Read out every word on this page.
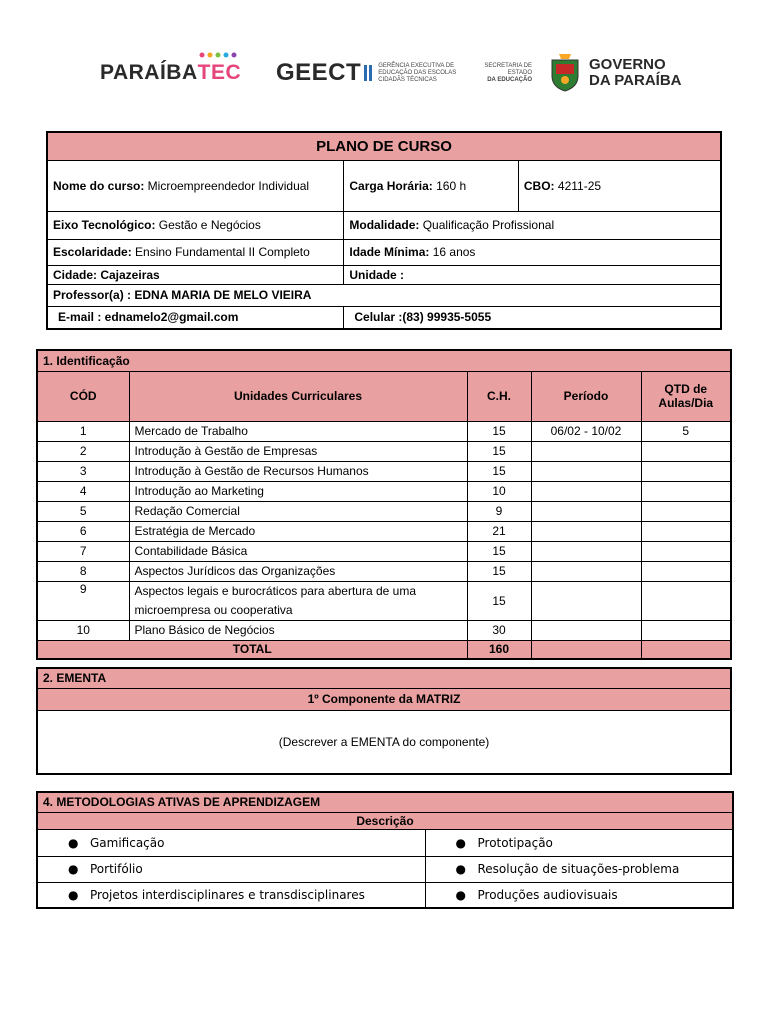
PARAÍBA TEC GEECT	GERÊNCIA EXECUTIVA DE
EDUCAÇÃO DAS ESCOLAS
CIDADÃS TÉCNICAS
SECRETARIA DE ESTADO
DA EDUCAÇÃO
GOVERNO
DA PARAÍBA
PLANO DE CURSO		
Nome do curso: Microempreendedor Individual	Carga Horária: 160 h	CBO: 4211-25
Eixo Tecnológico: Gestão e Negócios	Modalidade: Qualificação Profissional	
Escolaridade: Ensino Fundamental II Completo	Idade Mínima: 16 anos	
Cidade: Cajazeiras	Unidade :	
Professor(a) : EDNA MARIA DE MELO VIEIRA		
E-mail : ednamelo2@gmail.com	Celular :(83) 99935-5055	
1. Identificação				
CÓD	Unidades Curriculares	C.H.	Período	QTD de Aulas/Dia
1	Mercado de Trabalho	15	06/02 - 10/02	5
2	Introdução à Gestão de Empresas	15		
3	Introdução à Gestão de Recursos Humanos	15		
4	Introdução ao Marketing	10		
5	Redação Comercial	9		
6	Estratégia de Mercado	21		
7	Contabilidade Básica	15		
8	Aspectos Jurídicos das Organizações	15		
9	Aspectos legais e burocráticos para abertura de uma microempresa ou cooperativa	15		
10	Plano Básico de Negócios	30		
TOTAL		160		
2. EMENTA
1º Componente da MATRIZ
(Descrever a EMENTA do componente)
4. METODOLOGIAS ATIVAS DE APRENDIZAGEM	
Descrição	
● Gamificação	● Prototipação
● Portifólio	● Resolução de situações-problema
● Projetos interdisciplinares e transdisciplinares	● Produções audiovisuais
